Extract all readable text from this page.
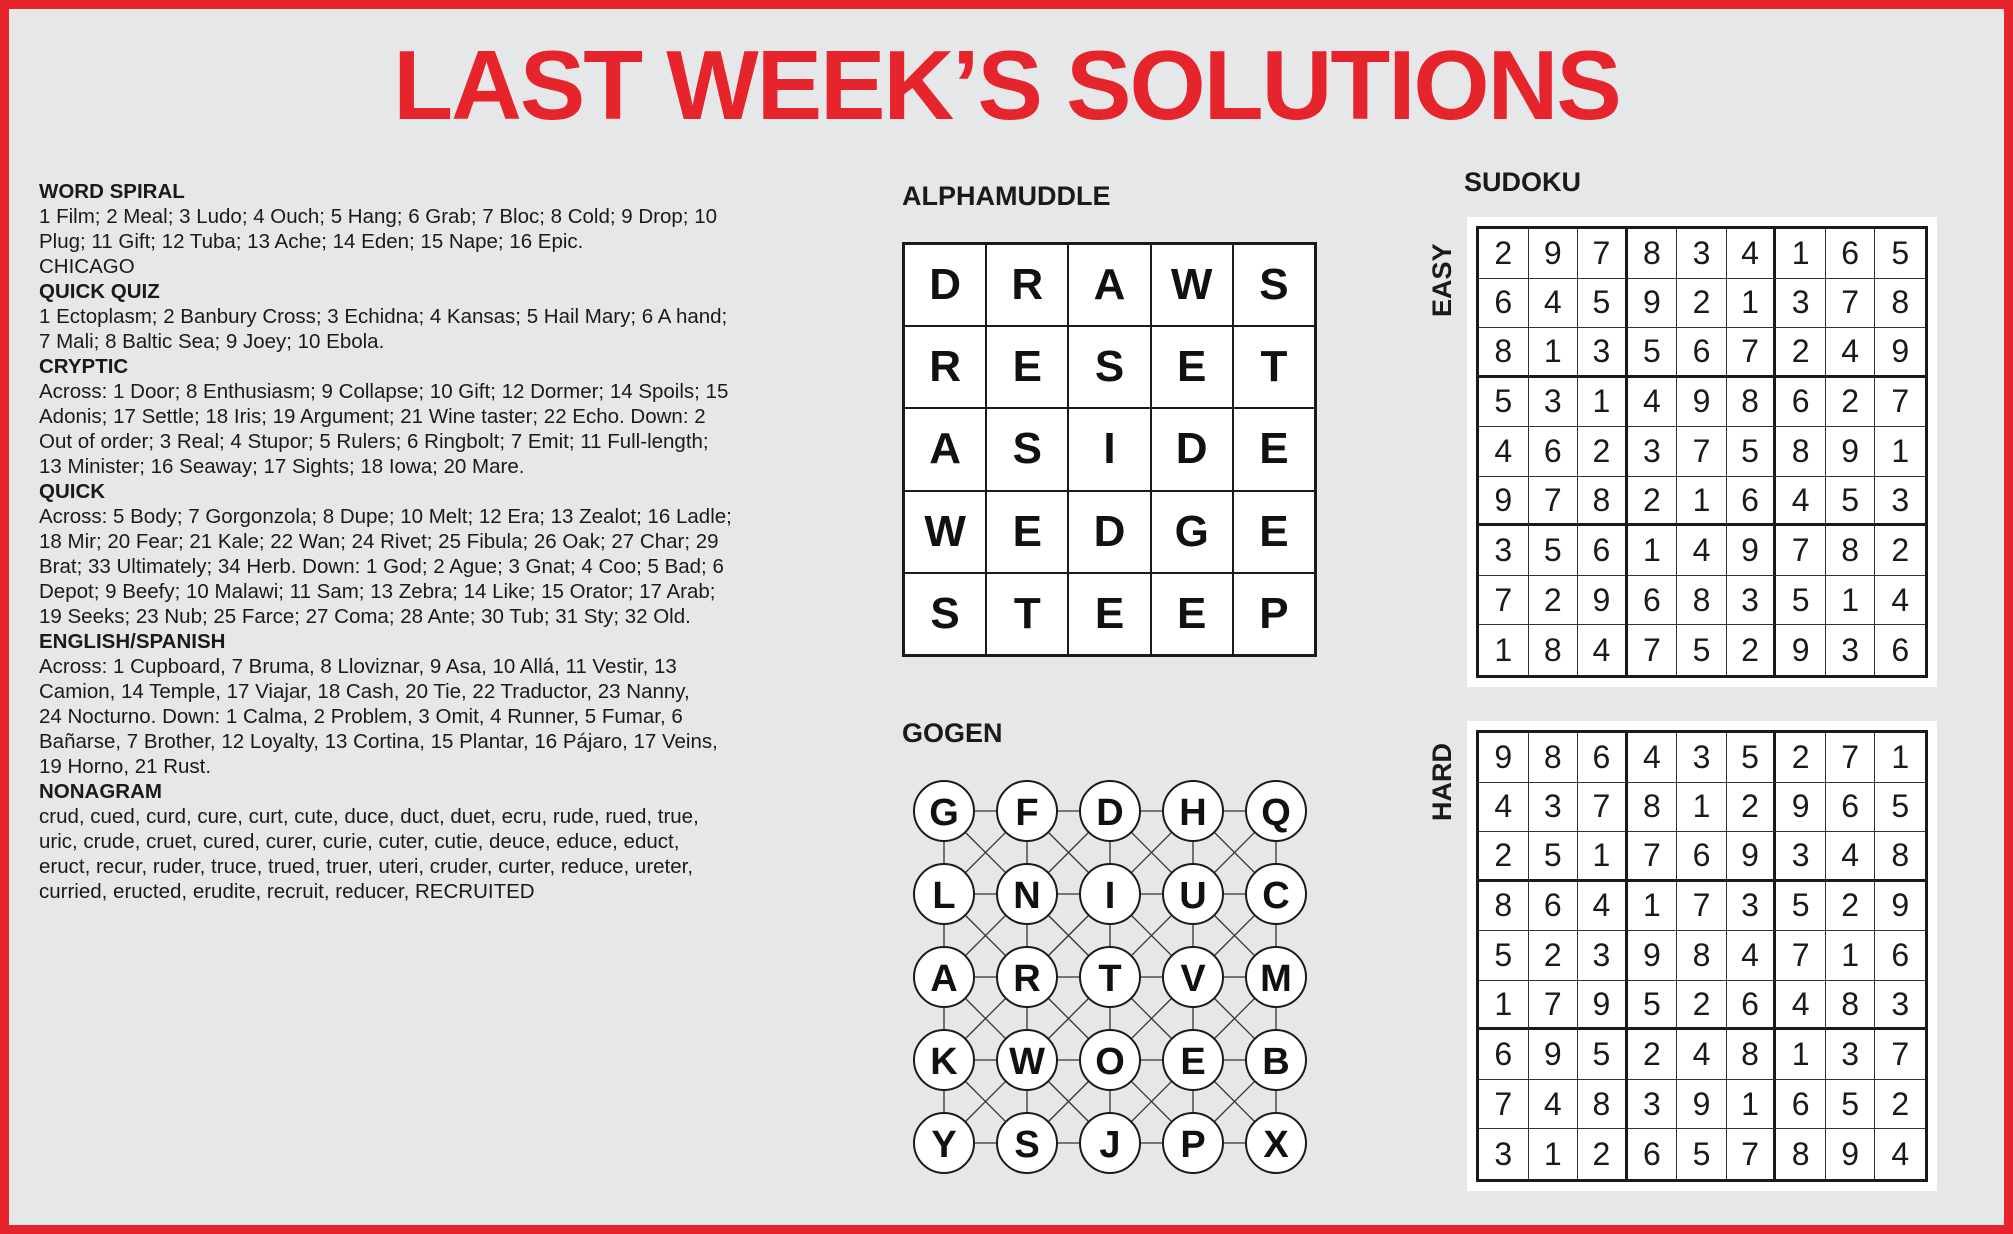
LAST WEEK’S SOLUTIONS
WORD SPIRAL
1 Film; 2 Meal; 3 Ludo; 4 Ouch; 5 Hang; 6 Grab; 7 Bloc; 8 Cold; 9 Drop; 10
Plug; 11 Gift; 12 Tuba; 13 Ache; 14 Eden; 15 Nape; 16 Epic.
CHICAGO
QUICK QUIZ
1 Ectoplasm; 2 Banbury Cross; 3 Echidna; 4 Kansas; 5 Hail Mary; 6 A hand;
7 Mali; 8 Baltic Sea; 9 Joey; 10 Ebola.
CRYPTIC
Across: 1 Door; 8 Enthusiasm; 9 Collapse; 10 Gift; 12 Dormer; 14 Spoils; 15
Adonis; 17 Settle; 18 Iris; 19 Argument; 21 Wine taster; 22 Echo. Down: 2
Out of order; 3 Real; 4 Stupor; 5 Rulers; 6 Ringbolt; 7 Emit; 11 Full-length;
13 Minister; 16 Seaway; 17 Sights; 18 Iowa; 20 Mare.
QUICK
Across: 5 Body; 7 Gorgonzola; 8 Dupe; 10 Melt; 12 Era; 13 Zealot; 16 Ladle;
18 Mir; 20 Fear; 21 Kale; 22 Wan; 24 Rivet; 25 Fibula; 26 Oak; 27 Char; 29
Brat; 33 Ultimately; 34 Herb. Down: 1 God; 2 Ague; 3 Gnat; 4 Coo; 5 Bad; 6
Depot; 9 Beefy; 10 Malawi; 11 Sam; 13 Zebra; 14 Like; 15 Orator; 17 Arab;
19 Seeks; 23 Nub; 25 Farce; 27 Coma; 28 Ante; 30 Tub; 31 Sty; 32 Old.
ENGLISH/SPANISH
Across: 1 Cupboard, 7 Bruma, 8 Lloviznar, 9 Asa, 10 Allá, 11 Vestir, 13
Camion, 14 Temple, 17 Viajar, 18 Cash, 20 Tie, 22 Traductor, 23 Nanny,
24 Nocturno. Down: 1 Calma, 2 Problem, 3 Omit, 4 Runner, 5 Fumar, 6
Bañarse, 7 Brother, 12 Loyalty, 13 Cortina, 15 Plantar, 16 Pájaro, 17 Veins,
19 Horno, 21 Rust.
NONAGRAM
crud, cued, curd, cure, curt, cute, duce, duct, duet, ecru, rude, rued, true,
uric, crude, cruet, cured, curer, curie, cuter, cutie, deuce, educe, educt,
eruct, recur, ruder, truce, trued, truer, uteri, cruder, curter, reduce, ureter,
curried, eructed, erudite, recruit, reducer, RECRUITED
ALPHAMUDDLE
D	R	A	W	S
R	E	S	E	T
A	S	I	D	E
W	E	D	G	E
S	T	E	E	P
GOGEN
G F D H Q
L N I U C
A R T V M
K W O E B
Y S J P X
SUDOKU
EASY	2 9 7	8 3 4	1 6	5
6 4 5	9 2 1	3 7	8
8 1 3	5 6 7	2 4	9
5 3 1	4 9 8	6 2	7
4 6 2	3 7 5	8 9	1
9 7 8	2 1 6	4 5	3
3 5 6	1 4 9	7 8	2
7 2 9	6 8 3	5 1	4
1 8 4	7 5 2	9 3	6
HARD	9 8 6	4 3 5	2 7	1
4 3 7	8 1 2	9 6	5
2 5 1	7 6 9	3 4	8
8 6 4	1 7 3	5 2	9
5 2 3	9 8 4	7 1	6
1 7 9	5 2 6	4 8	3
6 9 5	2 4 8	1 3	7
7 4 8	3 9 1	6 5	2
3 1 2	6 5 7	8 9	4
